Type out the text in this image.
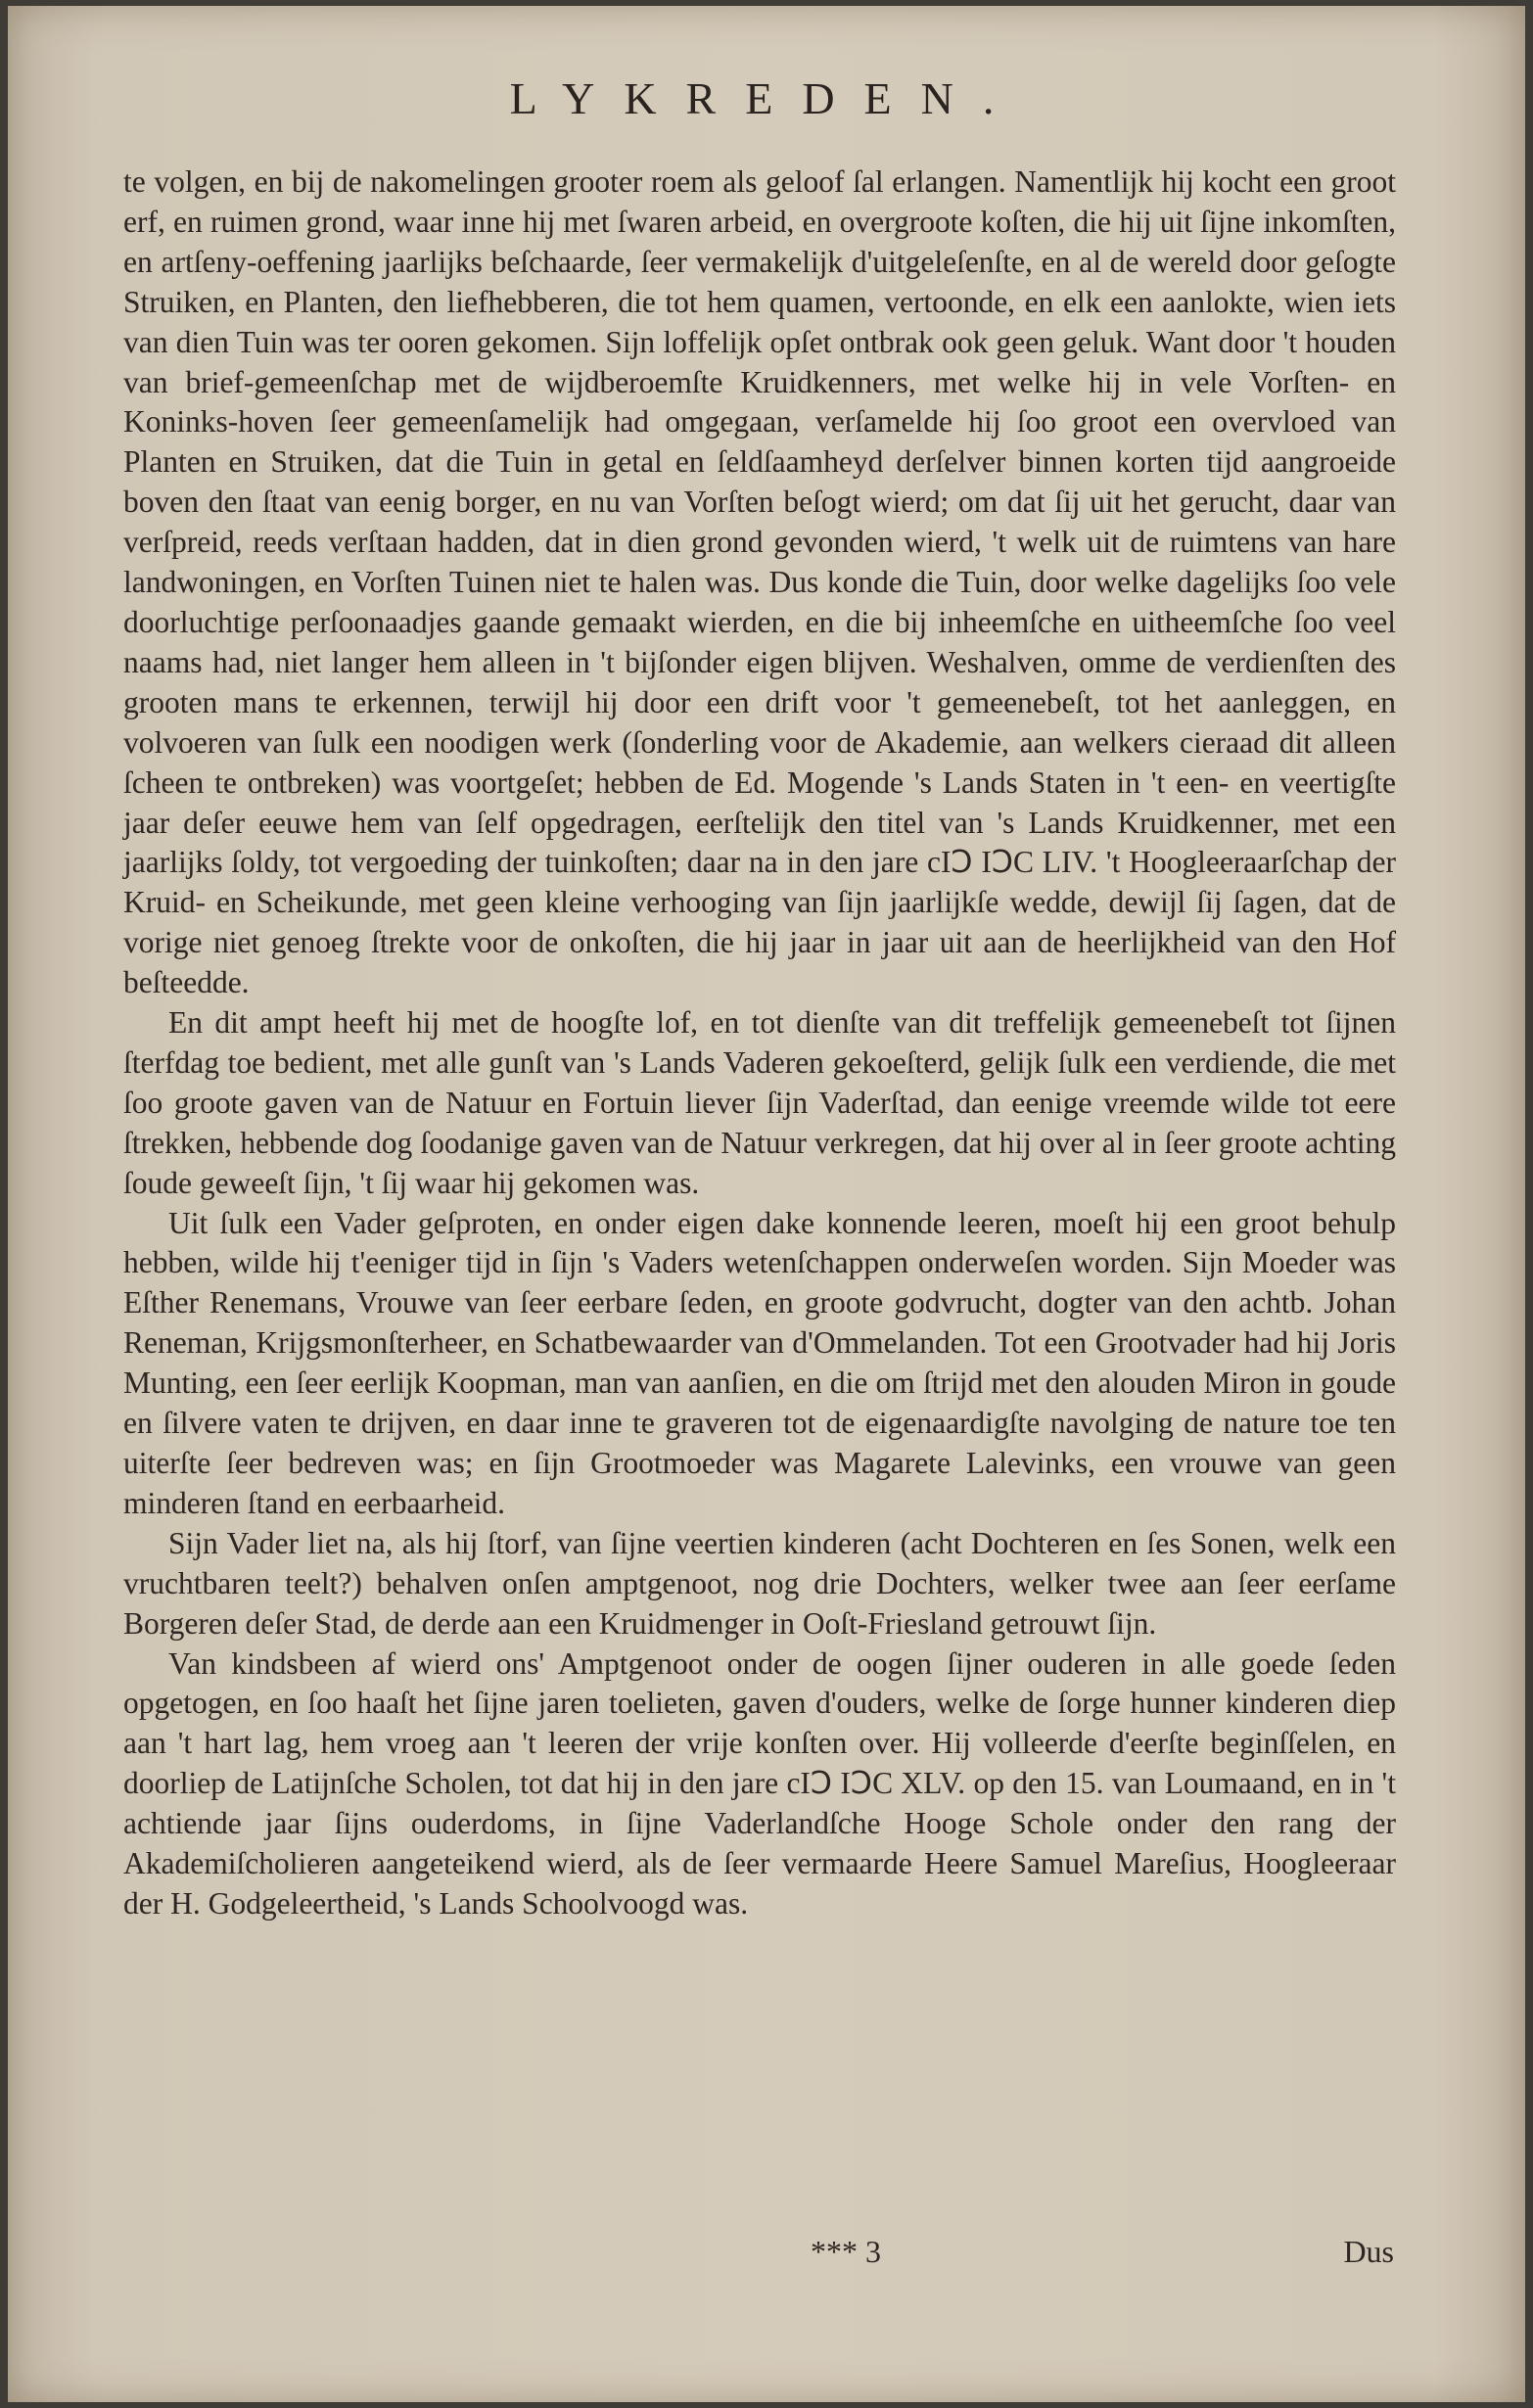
LYKREDEN.

te volgen, en bij de nakomelingen grooter roem als geloof ſal erlangen. Namentlijk hij kocht een groot erf, en ruimen grond, waar inne hij met ſwaren arbeid, en overgroote koſten, die hij uit ſijne inkomſten, en artſeny-oeffening jaarlijks beſchaarde, ſeer vermakelijk d'uitgeleſenſte, en al de wereld door geſogte Struiken, en Planten, den liefhebberen, die tot hem quamen, vertoonde, en elk een aanlokte, wien iets van dien Tuin was ter ooren gekomen. Sijn loffelijk opſet ontbrak ook geen geluk. Want door 't houden van brief-gemeenſchap met de wijdberoemſte Kruidkenners, met welke hij in vele Vorſten- en Koninks-hoven ſeer gemeenſamelijk had omgegaan, verſamelde hij ſoo groot een overvloed van Planten en Struiken, dat die Tuin in getal en ſeldſaamheyd derſelver binnen korten tijd aangroeide boven den ſtaat van eenig borger, en nu van Vorſten beſogt wierd; om dat ſij uit het gerucht, daar van verſpreid, reeds verſtaan hadden, dat in dien grond gevonden wierd, 't welk uit de ruimtens van hare landwoningen, en Vorſten Tuinen niet te halen was. Dus konde die Tuin, door welke dagelijks ſoo vele doorluchtige perſoonaadjes gaande gemaakt wierden, en die bij inheemſche en uitheemſche ſoo veel naams had, niet langer hem alleen in 't bijſonder eigen blijven. Weshalven, omme de verdienſten des grooten mans te erkennen, terwijl hij door een drift voor 't gemeenebeſt, tot het aanleggen, en volvoeren van ſulk een noodigen werk (ſonderling voor de Akademie, aan welkers cieraad dit alleen ſcheen te ontbreken) was voortgeſet; hebben de Ed. Mogende 's Lands Staten in 't een- en veertigſte jaar deſer eeuwe hem van ſelf opgedragen, eerſtelijk den titel van 's Lands Kruidkenner, met een jaarlijks ſoldy, tot vergoeding der tuinkoſten; daar na in den jare cIↃ IↃC LIV. 't Hoogleeraarſchap der Kruid- en Scheikunde, met geen kleine verhooging van ſijn jaarlijkſe wedde, dewijl ſij ſagen, dat de vorige niet genoeg ſtrekte voor de onkoſten, die hij jaar in jaar uit aan de heerlijkheid van den Hof beſteedde.

En dit ampt heeft hij met de hoogſte lof, en tot dienſte van dit treffelijk gemeenebeſt tot ſijnen ſterfdag toe bedient, met alle gunſt van 's Lands Vaderen gekoeſterd, gelijk ſulk een verdiende, die met ſoo groote gaven van de Natuur en Fortuin liever ſijn Vaderſtad, dan eenige vreemde wilde tot eere ſtrekken, hebbende dog ſoodanige gaven van de Natuur verkregen, dat hij over al in ſeer groote achting ſoude geweeſt ſijn, 't ſij waar hij gekomen was.

Uit ſulk een Vader geſproten, en onder eigen dake konnende leeren, moeſt hij een groot behulp hebben, wilde hij t'eeniger tijd in ſijn 's Vaders wetenſchappen onderweſen worden. Sijn Moeder was Eſther Renemans, Vrouwe van ſeer eerbare ſeden, en groote godvrucht, dogter van den achtb. Johan Reneman, Krijgsmonſterheer, en Schatbewaarder van d'Ommelanden. Tot een Grootvader had hij Joris Munting, een ſeer eerlijk Koopman, man van aanſien, en die om ſtrijd met den alouden Miron in goude en ſilvere vaten te drijven, en daar inne te graveren tot de eigenaardigſte navolging de nature toe ten uiterſte ſeer bedreven was; en ſijn Grootmoeder was Magarete Lalevinks, een vrouwe van geen minderen ſtand en eerbaarheid.

Sijn Vader liet na, als hij ſtorf, van ſijne veertien kinderen (acht Dochteren en ſes Sonen, welk een vruchtbaren teelt?) behalven onſen amptgenoot, nog drie Dochters, welker twee aan ſeer eerſame Borgeren deſer Stad, de derde aan een Kruidmenger in Ooſt-Friesland getrouwt ſijn.

Van kindsbeen af wierd ons' Amptgenoot onder de oogen ſijner ouderen in alle goede ſeden opgetogen, en ſoo haaſt het ſijne jaren toelieten, gaven d'ouders, welke de ſorge hunner kinderen diep aan 't hart lag, hem vroeg aan 't leeren der vrije konſten over. Hij volleerde d'eerſte beginſſelen, en doorliep de Latijnſche Scholen, tot dat hij in den jare cIↃ IↃC XLV. op den 15. van Loumaand, en in 't achtiende jaar ſijns ouderdoms, in ſijne Vaderlandſche Hooge Schole onder den rang der Akademiſcholieren aangeteikend wierd, als de ſeer vermaarde Heere Samuel Mareſius, Hoogleeraar der H. Godgeleertheid, 's Lands Schoolvoogd was.

*** 3	Dus
